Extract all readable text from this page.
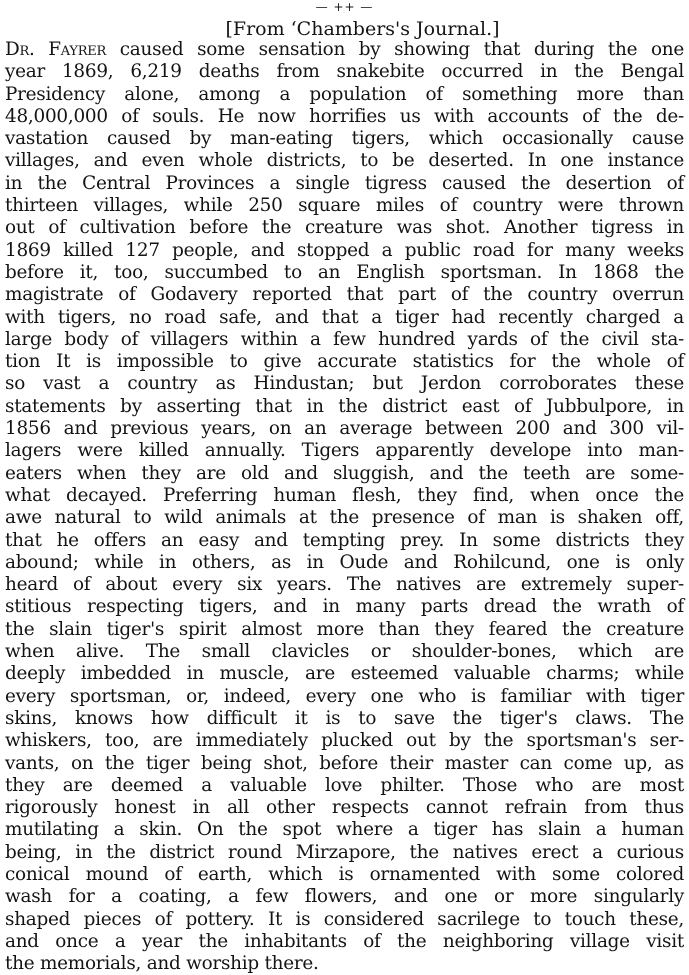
— ++ —
[From ‘Chambers's Journal.]
Dr. Fayrer caused some sensation by showing that during the one
year 1869, 6,219 deaths from snakebite occurred in the Bengal
Presidency alone, among a population of something more than
48,000,000 of souls. He now horrifies us with accounts of the de-
vastation caused by man-eating tigers, which occasionally cause
villages, and even whole districts, to be deserted. In one instance
in the Central Provinces a single tigress caused the desertion of
thirteen villages, while 250 square miles of country were thrown
out of cultivation before the creature was shot. Another tigress in
1869 killed 127 people, and stopped a public road for many weeks
before it, too, succumbed to an English sportsman. In 1868 the
magistrate of Godavery reported that part of the country overrun
with tigers, no road safe, and that a tiger had recently charged a
large body of villagers within a few hundred yards of the civil sta-
tion It is impossible to give accurate statistics for the whole of
so vast a country as Hindustan; but Jerdon corroborates these
statements by asserting that in the district east of Jubbulpore, in
1856 and previous years, on an average between 200 and 300 vil-
lagers were killed annually. Tigers apparently develope into man-
eaters when they are old and sluggish, and the teeth are some-
what decayed. Preferring human flesh, they find, when once the
awe natural to wild animals at the presence of man is shaken off,
that he offers an easy and tempting prey. In some districts they
abound; while in others, as in Oude and Rohilcund, one is only
heard of about every six years. The natives are extremely super-
stitious respecting tigers, and in many parts dread the wrath of
the slain tiger's spirit almost more than they feared the creature
when alive. The small clavicles or shoulder-bones, which are
deeply imbedded in muscle, are esteemed valuable charms; while
every sportsman, or, indeed, every one who is familiar with tiger
skins, knows how difficult it is to save the tiger's claws. The
whiskers, too, are immediately plucked out by the sportsman's ser-
vants, on the tiger being shot, before their master can come up, as
they are deemed a valuable love philter. Those who are most
rigorously honest in all other respects cannot refrain from thus
mutilating a skin. On the spot where a tiger has slain a human
being, in the district round Mirzapore, the natives erect a curious
conical mound of earth, which is ornamented with some colored
wash for a coating, a few flowers, and one or more singularly
shaped pieces of pottery. It is considered sacrilege to touch these,
and once a year the inhabitants of the neighboring village visit
the memorials, and worship there.
